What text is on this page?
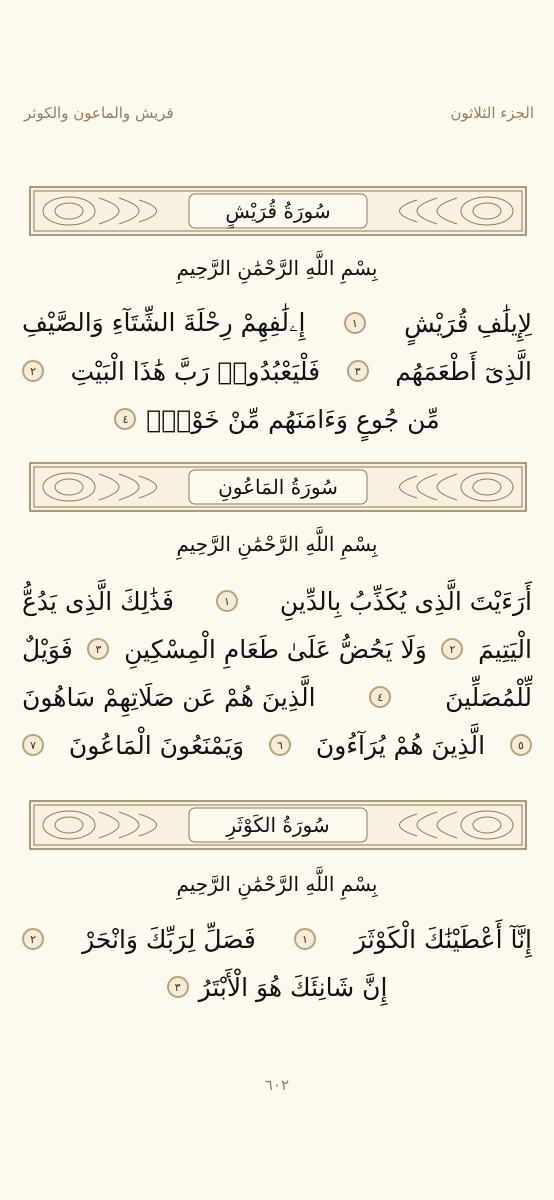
الجزء الثلاثون
قريش والماعون والكوثر
سُورَةُ قُرَيْشٍ
بِسْمِ اللَّهِ الرَّحْمَٰنِ الرَّحِيمِ
لِإِيلَٰفِ قُرَيْشٍ
١
إِۦلَٰفِهِمْ رِحْلَةَ الشِّتَآءِ وَالصَّيْفِ
الَّذِىٓ أَطْعَمَهُم
٣
فَلْيَعْبُدُوا۟ رَبَّ هَٰذَا الْبَيْتِ
٢
مِّن جُوعٍ وَءَامَنَهُم مِّنْ خَوْفٍۭ
٤
سُورَةُ المَاعُونِ
بِسْمِ اللَّهِ الرَّحْمَٰنِ الرَّحِيمِ
أَرَءَيْتَ الَّذِى يُكَذِّبُ بِالدِّينِ
١
فَذَٰلِكَ الَّذِى يَدُعُّ
الْيَتِيمَ
٢
وَلَا يَحُضُّ عَلَىٰ طَعَامِ الْمِسْكِينِ
٣
فَوَيْلٌ
لِّلْمُصَلِّينَ
٤
الَّذِينَ هُمْ عَن صَلَاتِهِمْ سَاهُونَ
٥
الَّذِينَ هُمْ يُرَآءُونَ
٦
وَيَمْنَعُونَ الْمَاعُونَ
٧
سُورَةُ الكَوْثَرِ
بِسْمِ اللَّهِ الرَّحْمَٰنِ الرَّحِيمِ
إِنَّآ أَعْطَيْنَٰكَ الْكَوْثَرَ
١
فَصَلِّ لِرَبِّكَ وَانْحَرْ
٢
إِنَّ شَانِئَكَ هُوَ الْأَبْتَرُ
٣
٦٠٢
